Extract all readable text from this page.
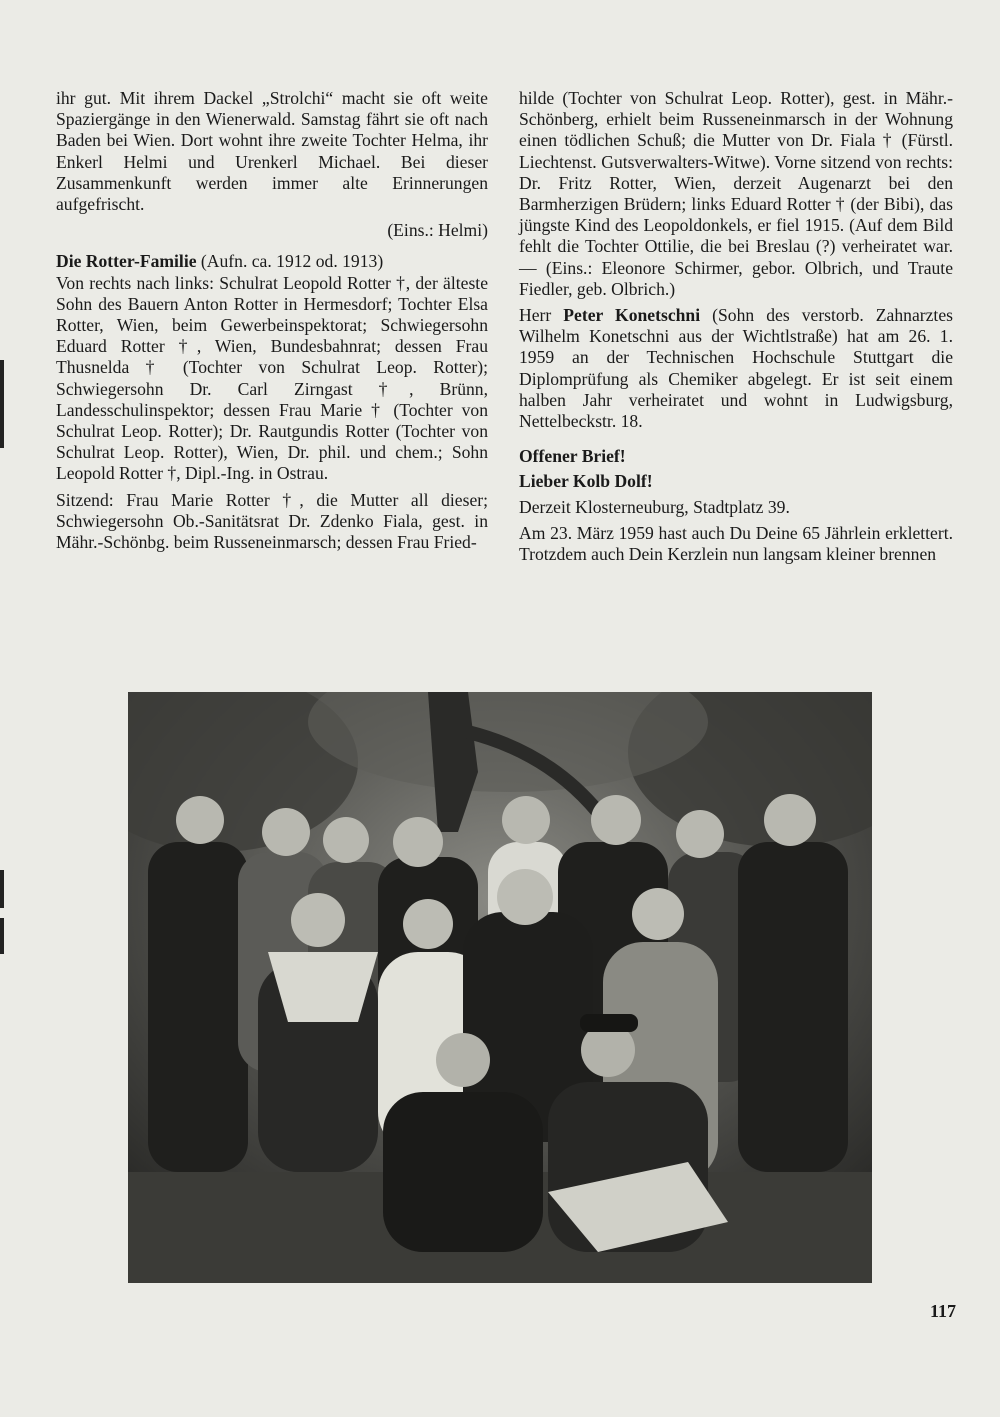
ihr gut. Mit ihrem Dackel „Strolchi“ macht sie oft weite Spaziergänge in den Wienerwald. Samstag fährt sie oft nach Baden bei Wien. Dort wohnt ihre zweite Tochter Helma, ihr Enkerl Helmi und Urenkerl Michael. Bei dieser Zusammenkunft werden immer alte Erinnerungen aufgefrischt.

(Eins.: Helmi)

Die Rotter-Familie (Aufn. ca. 1912 od. 1913)

Von rechts nach links: Schulrat Leopold Rotter †, der älteste Sohn des Bauern Anton Rotter in Hermesdorf; Tochter Elsa Rotter, Wien, beim Gewerbeinspektorat; Schwiegersohn Eduard Rotter †, Wien, Bundesbahnrat; dessen Frau Thusnelda † (Tochter von Schulrat Leop. Rotter); Schwiegersohn Dr. Carl Zirngast †, Brünn, Landesschulinspektor; dessen Frau Marie † (Tochter von Schulrat Leop. Rotter); Dr. Rautgundis Rotter (Tochter von Schulrat Leop. Rotter), Wien, Dr. phil. und chem.; Sohn Leopold Rotter †, Dipl.-Ing. in Ostrau.

Sitzend: Frau Marie Rotter †, die Mutter all dieser; Schwiegersohn Ob.-Sanitätsrat Dr. Zdenko Fiala, gest. in Mähr.-Schönbg. beim Russeneinmarsch; dessen Frau Fried-

hilde (Tochter von Schulrat Leop. Rotter), gest. in Mähr.-Schönberg, erhielt beim Russeneinmarsch in der Wohnung einen tödlichen Schuß; die Mutter von Dr. Fiala † (Fürstl. Liechtenst. Gutsverwalters-Witwe). Vorne sitzend von rechts: Dr. Fritz Rotter, Wien, derzeit Augenarzt bei den Barmherzigen Brüdern; links Eduard Rotter † (der Bibi), das jüngste Kind des Leopoldonkels, er fiel 1915. (Auf dem Bild fehlt die Tochter Ottilie, die bei Breslau (?) verheiratet war. — (Eins.: Eleonore Schirmer, gebor. Olbrich, und Traute Fiedler, geb. Olbrich.)

Herr Peter Konetschni (Sohn des verstorb. Zahnarztes Wilhelm Konetschni aus der Wichtlstraße) hat am 26. 1. 1959 an der Technischen Hochschule Stuttgart die Diplomprüfung als Chemiker abgelegt. Er ist seit einem halben Jahr verheiratet und wohnt in Ludwigsburg, Nettelbeckstr. 18.

Offener Brief!
Lieber Kolb Dolf!

Derzeit Klosterneuburg, Stadtplatz 39.

Am 23. März 1959 hast auch Du Deine 65 Jährlein erklettert. Trotzdem auch Dein Kerzlein nun langsam kleiner brennen

117
